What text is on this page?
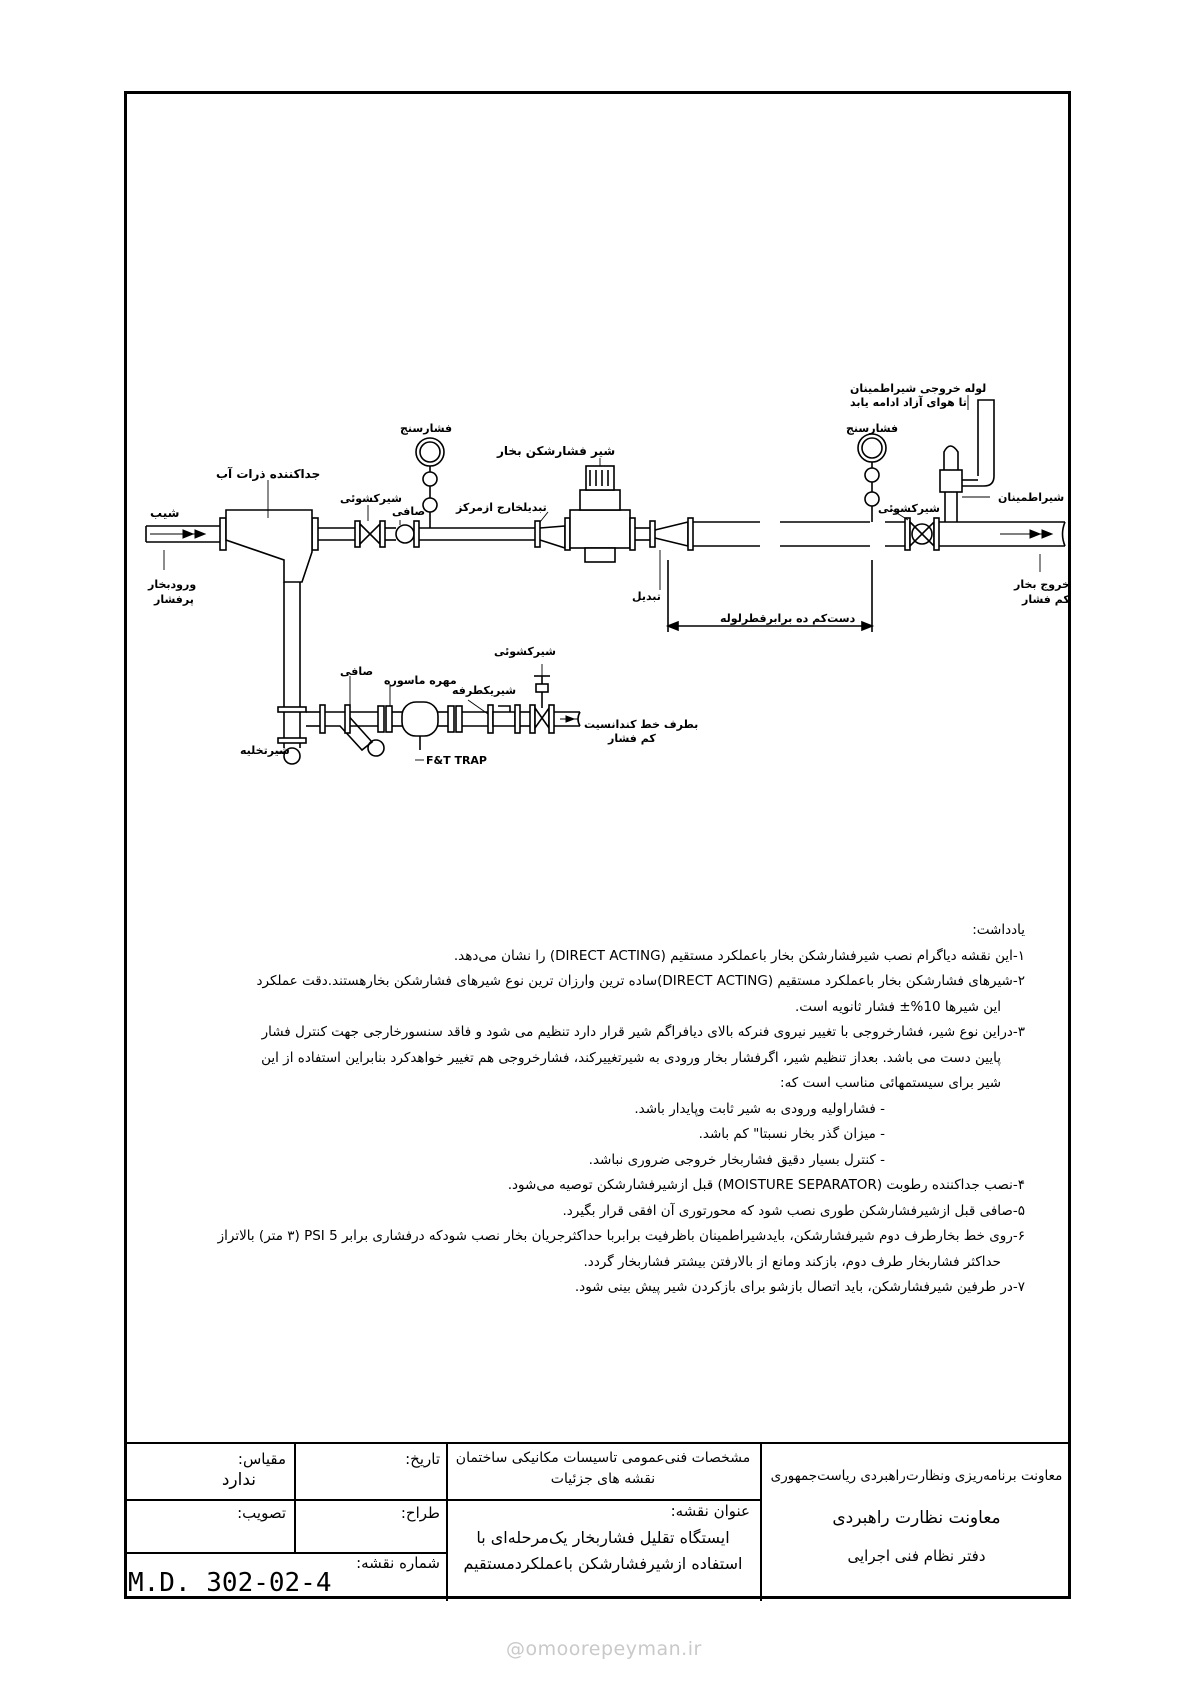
شیب
ورودبخار
پرفشار
جداکننده ذرات آب
شیرکشوئی
فشارسنج
صافی	تبدیلخارج ازمرکز
شیر فشارشکن بخار
تبدیل
فشارسنج
شیرکشوئی
لوله خروجی شیراطمینان
تا هوای آزاد ادامه یابد
شیراطمینان
خروج بخار
کم فشار
دست‌کم ده برابرقطرلوله
صافی
مهره ماسوره
شیرکشوئی
شیریکطرفه
شیرتخلیه
F&T TRAP
بطرف خط کندانسیت
کم فشار
یادداشت:
۱-این نقشه دیاگرام نصب شیرفشارشکن بخار باعملکرد مستقیم (DIRECT ACTING) را نشان می‌دهد.
۲-شیرهای فشارشکن بخار باعملکرد مستقیم (DIRECT ACTING)ساده ترین وارزان ترین نوع شیرهای فشارشکن بخارهستند.دقت عملکرد
این شیرها 10%± فشار ثانویه است.
۳-دراین نوع شیر، فشارخروجی با تغییر نیروی فنرکه بالای دیافراگم شیر قرار دارد تنظیم می شود و فاقد سنسورخارجی جهت کنترل فشار
پایین دست می باشد. بعداز تنظیم شیر، اگرفشار بخار ورودی به شیرتغییرکند، فشارخروجی هم تغییر خواهدکرد بنابراین استفاده از این
شیر برای سیستمهائی مناسب است که:
- فشاراولیه ورودی به شیر ثابت وپایدار باشد.
- میزان گذر بخار نسبتا" کم باشد.
- کنترل بسیار دقیق فشاربخار خروجی ضروری نباشد.
۴-نصب جداکننده رطوبت (MOISTURE SEPARATOR) قبل ازشیرفشارشکن توصیه می‌شود.
۵-صافی قبل ازشیرفشارشکن طوری نصب شود که محورتوری آن افقی قرار بگیرد.
۶-روی خط بخارطرف دوم شیرفشارشکن، بایدشیراطمینان باظرفیت برابربا حداکثرجریان بخار نصب شودکه درفشاری برابر 5 PSI (۳ متر) بالاتراز
حداکثر فشاربخار طرف دوم، بازکند ومانع از بالارفتن بیشتر فشاربخار گردد.
۷-در طرفین شیرفشارشکن، باید اتصال بازشو برای بازکردن شیر پیش بینی شود.
معاونت برنامه‌ریزی ونظارت‌راهبردی ریاست‌جمهوری
معاونت نظارت راهبردی
دفتر نظام فنی اجرایی
مشخصات فنی‌عمومی تاسیسات مکانیکی ساختمان
نقشه های جزئیات
عنوان نقشه:
ایستگاه تقلیل فشاربخار یک‌مرحله‌ای با
استفاده ازشیرفشارشکن باعملکردمستقیم
تاریخ:
طراح:
مقیاس:
ندارد
تصویب:
شماره نقشه:
M.D. 302-02-4
@omoorepeyman.ir
